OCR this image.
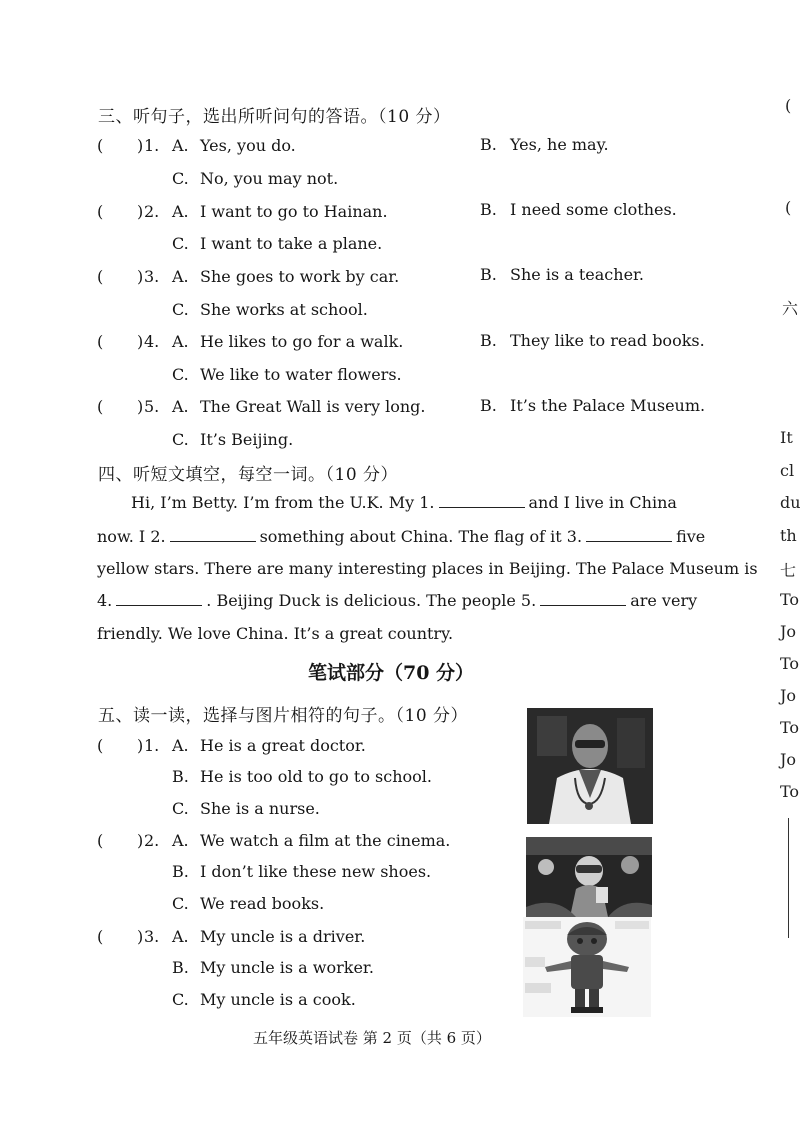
三、听句子，选出所听问句的答语。（10 分）
( ) 1. A. Yes, you do.	B. Yes, he may.
C. No, you may not.
( ) 2. A. I want to go to Hainan.	B. I need some clothes.
C. I want to take a plane.
( ) 3. A. She goes to work by car.	B. She is a teacher.
C. She works at school.
( ) 4. A. He likes to go for a walk.	B. They like to read books.
C. We like to water flowers.
( ) 5. A. The Great Wall is very long.	B. It’s the Palace Museum.
C. It’s Beijing.
四、听短文填空，每空一词。（10 分）
Hi, I’m Betty. I’m from the U.K. My 1.	and I live in China
now. I 2.	something about China. The flag of it 3.	five
yellow stars. There are many interesting places in Beijing. The Palace Museum is
4.	. Beijing Duck is delicious. The people 5.	are very
friendly. We love China. It’s a great country.
笔试部分（70 分）
五、读一读，选择与图片相符的句子。（10 分）
( ) 1. A. He is a great doctor.
B. He is too old to go to school.
C. She is a nurse.
( ) 2. A. We watch a film at the cinema.
B. I don’t like these new shoes.
C. We read books.
( ) 3. A. My uncle is a driver.
B. My uncle is a worker.
C. My uncle is a cook.
五年级英语试卷 第 2 页（共 6 页）
(
(
六
It
cl
du
th
七
To
Jo
To
Jo
To
Jo
To
